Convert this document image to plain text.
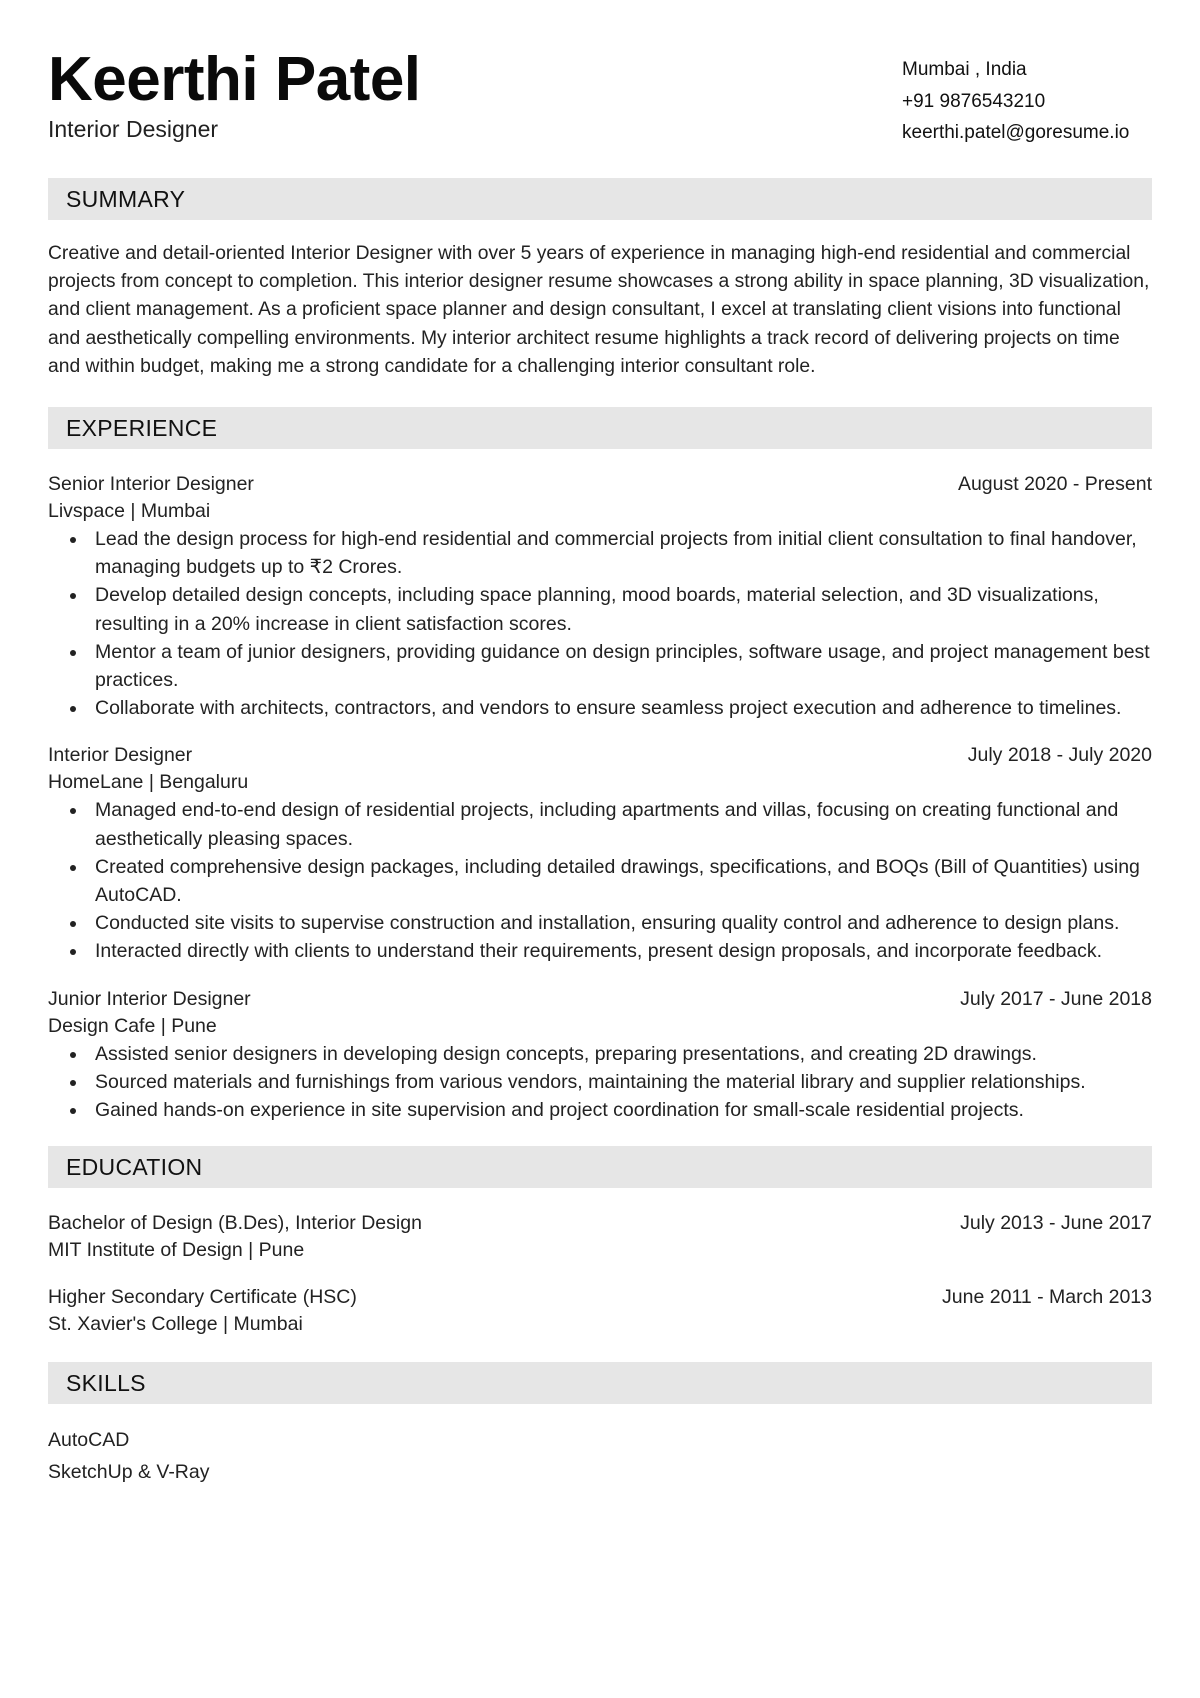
Keerthi Patel
Interior Designer
Mumbai , India
+91 9876543210
keerthi.patel@goresume.io
SUMMARY

Creative and detail-oriented Interior Designer with over 5 years of experience in managing high-end residential and commercial projects from concept to completion. This interior designer resume showcases a strong ability in space planning, 3D visualization, and client management. As a proficient space planner and design consultant, I excel at translating client visions into functional and aesthetically compelling environments. My interior architect resume highlights a track record of delivering projects on time and within budget, making me a strong candidate for a challenging interior consultant role.

EXPERIENCE
Senior Interior Designer	August 2020 - Present
Livspace | Mumbai
Lead the design process for high-end residential and commercial projects from initial client consultation to final handover, managing budgets up to ₹2 Crores.
Develop detailed design concepts, including space planning, mood boards, material selection, and 3D visualizations, resulting in a 20% increase in client satisfaction scores.
Mentor a team of junior designers, providing guidance on design principles, software usage, and project management best practices.
Collaborate with architects, contractors, and vendors to ensure seamless project execution and adherence to timelines.
Interior Designer	July 2018 - July 2020
HomeLane | Bengaluru
Managed end-to-end design of residential projects, including apartments and villas, focusing on creating functional and aesthetically pleasing spaces.
Created comprehensive design packages, including detailed drawings, specifications, and BOQs (Bill of Quantities) using AutoCAD.
Conducted site visits to supervise construction and installation, ensuring quality control and adherence to design plans.
Interacted directly with clients to understand their requirements, present design proposals, and incorporate feedback.
Junior Interior Designer	July 2017 - June 2018
Design Cafe | Pune
Assisted senior designers in developing design concepts, preparing presentations, and creating 2D drawings.
Sourced materials and furnishings from various vendors, maintaining the material library and supplier relationships.
Gained hands-on experience in site supervision and project coordination for small-scale residential projects.
EDUCATION
Bachelor of Design (B.Des), Interior Design	July 2013 - June 2017
MIT Institute of Design | Pune
Higher Secondary Certificate (HSC)	June 2011 - March 2013
St. Xavier's College | Mumbai
SKILLS
AutoCAD
SketchUp & V-Ray
